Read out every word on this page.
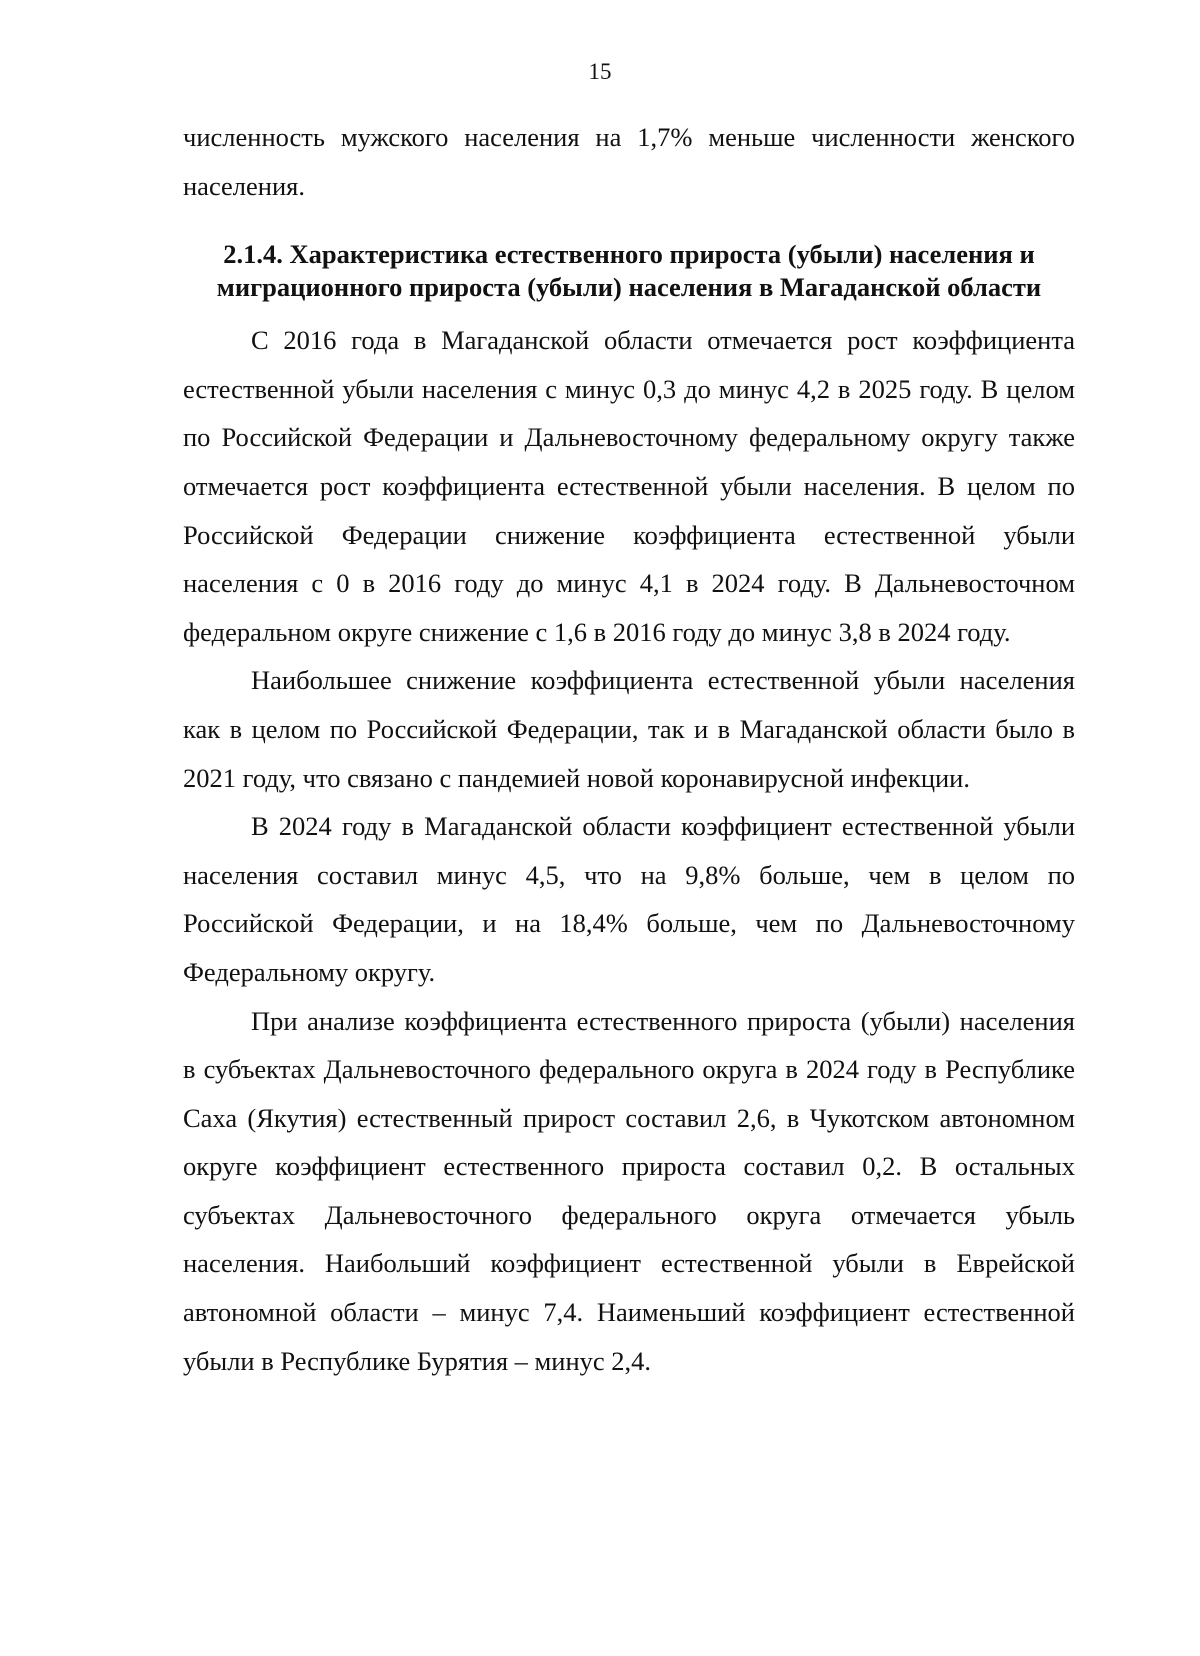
15

численность мужского населения на 1,7% меньше численности женского населения.

2.1.4. Характеристика естественного прироста (убыли) населения и
миграционного прироста (убыли) населения в Магаданской области

С 2016 года в Магаданской области отмечается рост коэффициента естественной убыли населения с минус 0,3 до минус 4,2 в 2025 году. В целом по Российской Федерации и Дальневосточному федеральному округу также отмечается рост коэффициента естественной убыли населения. В целом по Российской Федерации снижение коэффициента естественной убыли населения с 0 в 2016 году до минус 4,1 в 2024 году. В Дальневосточном федеральном округе снижение с 1,6 в 2016 году до минус 3,8 в 2024 году.

Наибольшее снижение коэффициента естественной убыли населения как в целом по Российской Федерации, так и в Магаданской области было в 2021 году, что связано с пандемией новой коронавирусной инфекции.

В 2024 году в Магаданской области коэффициент естественной убыли населения составил минус 4,5, что на 9,8% больше, чем в целом по Российской Федерации, и на 18,4% больше, чем по Дальневосточному Федеральному округу.

При анализе коэффициента естественного прироста (убыли) населения в субъектах Дальневосточного федерального округа в 2024 году в Республике Саха (Якутия) естественный прирост составил 2,6, в Чукотском автономном округе коэффициент естественного прироста составил 0,2. В остальных субъектах Дальневосточного федерального округа отмечается убыль населения. Наибольший коэффициент естественной убыли в Еврейской автономной области – минус 7,4. Наименьший коэффициент естественной убыли в Республике Бурятия – минус 2,4.
